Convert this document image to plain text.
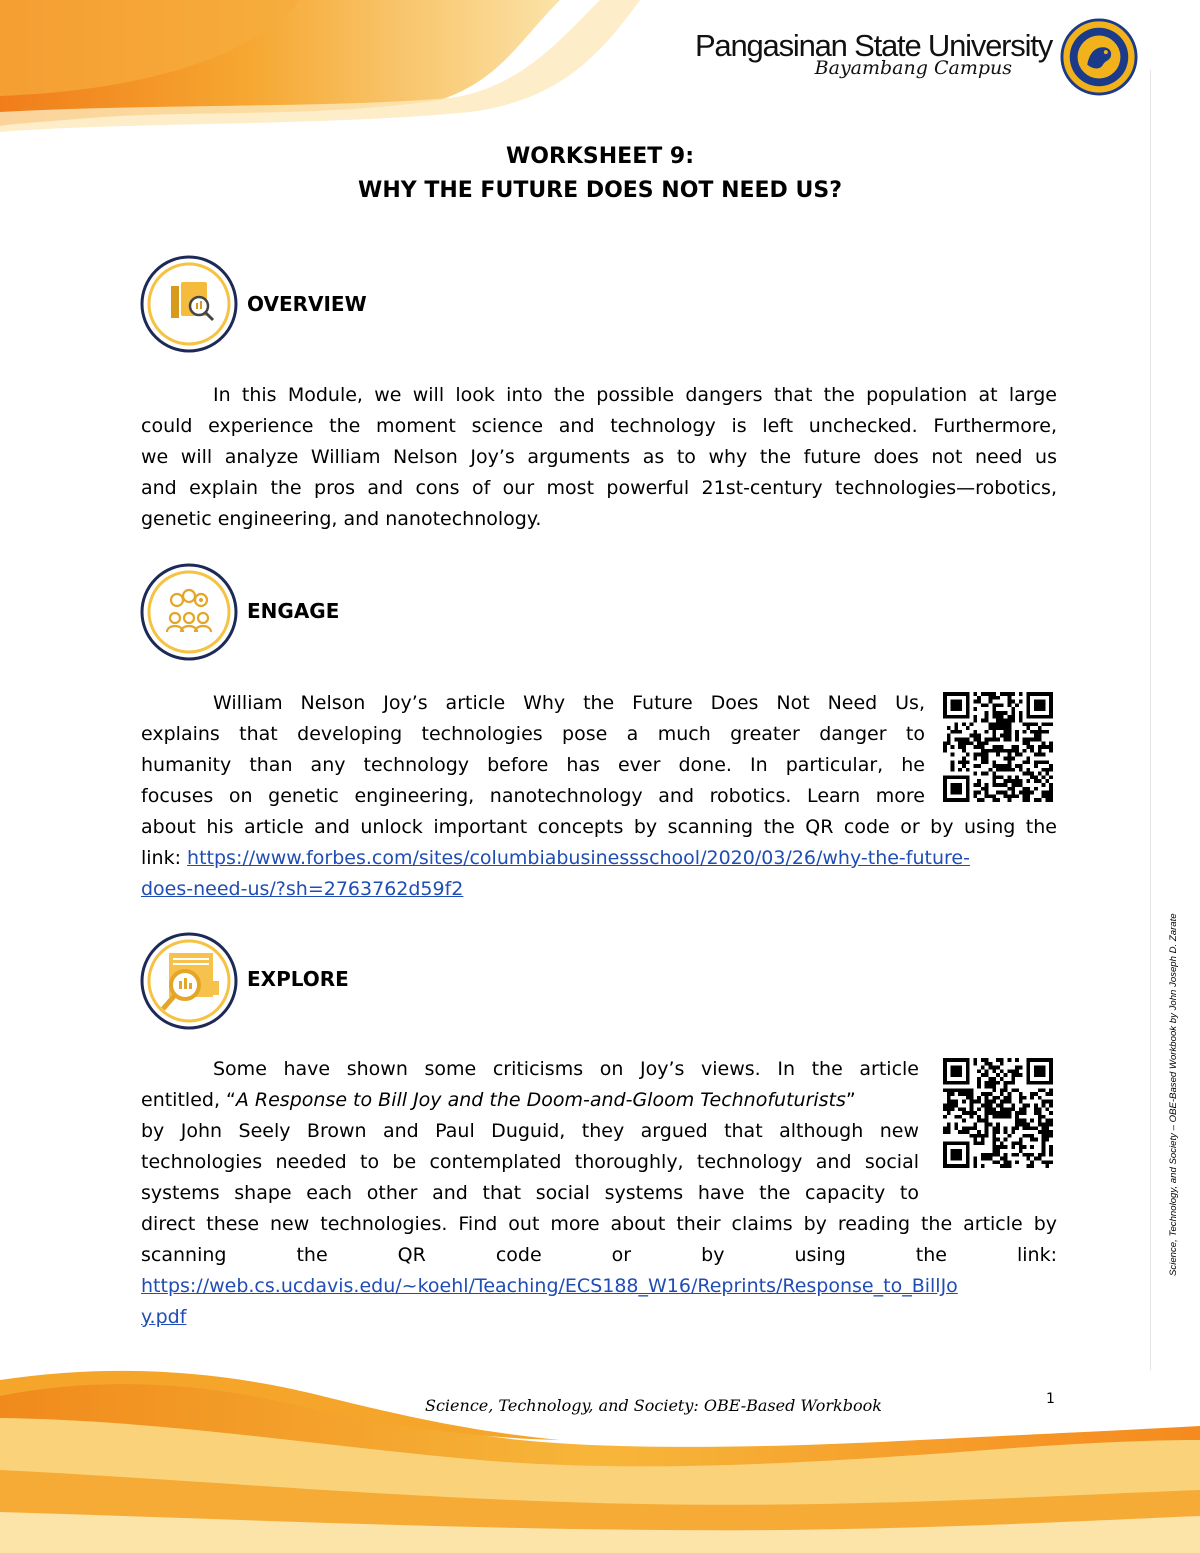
Pangasinan State University
Bayambang Campus
Science, Technology, and Society – OBE-Based Workbook by John Joseph D. Zarate
WORKSHEET 9:
WHY THE FUTURE DOES NOT NEED US?
OVERVIEW
In this Module, we will look into the possible dangers that the population at large
could experience the moment science and technology is left unchecked. Furthermore,
we will analyze William Nelson Joy’s arguments as to why the future does not need us
and explain the pros and cons of our most powerful 21st-century technologies—robotics,
genetic engineering, and nanotechnology.
ENGAGE
William Nelson Joy’s article Why the Future Does Not Need Us,
explains that developing technologies pose a much greater danger to
humanity than any technology before has ever done. In particular, he
focuses on genetic engineering, nanotechnology and robotics. Learn more
about his article and unlock important concepts by scanning the QR code or by using the
link: https://www.forbes.com/sites/columbiabusinessschool/2020/03/26/why-the-future-
does-need-us/?sh=2763762d59f2
EXPLORE
Some have shown some criticisms on Joy’s views. In the article
entitled, “A Response to Bill Joy and the Doom-and-Gloom Technofuturists”
by John Seely Brown and Paul Duguid, they argued that although new
technologies needed to be contemplated thoroughly, technology and social
systems shape each other and that social systems have the capacity to
direct these new technologies. Find out more about their claims by reading the article by
scanning the QR code or by using the link:
https://web.cs.ucdavis.edu/~koehl/Teaching/ECS188_W16/Reprints/Response_to_BillJo
y.pdf
Science, Technology, and Society: OBE-Based Workbook	1
